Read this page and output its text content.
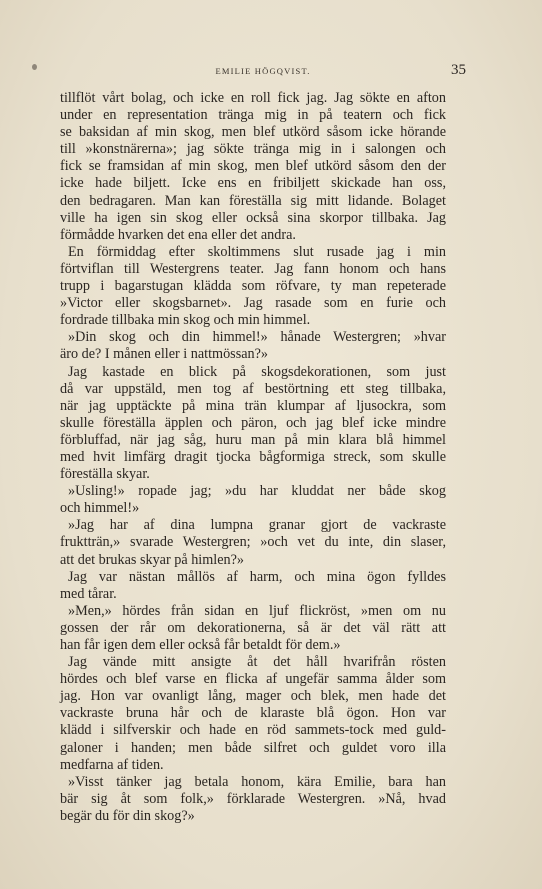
EMILIE HÖGQVIST.	35
tillflöt vårt bolag, och icke en roll fick jag. Jag sökte en afton
under en representation tränga mig in på teatern och fick
se baksidan af min skog, men blef utkörd såsom icke hörande
till »konstnärerna»; jag sökte tränga mig in i salongen och
fick se framsidan af min skog, men blef utkörd såsom den der
icke hade biljett. Icke ens en fribiljett skickade han oss,
den bedragaren. Man kan föreställa sig mitt lidande. Bolaget
ville ha igen sin skog eller också sina skorpor tillbaka. Jag
förmådde hvarken det ena eller det andra.
En förmiddag efter skoltimmens slut rusade jag i min
förtviflan till Westergrens teater. Jag fann honom och hans
trupp i bagarstugan klädda som röfvare, ty man repeterade
»Victor eller skogsbarnet». Jag rasade som en furie och
fordrade tillbaka min skog och min himmel.
»Din skog och din himmel!» hånade Westergren; »hvar
äro de? I månen eller i nattmössan?»
Jag kastade en blick på skogsdekorationen, som just
då var uppstäld, men tog af bestörtning ett steg tillbaka,
när jag upptäckte på mina trän klumpar af ljusockra, som
skulle föreställa äpplen och päron, och jag blef icke mindre
förbluffad, när jag såg, huru man på min klara blå himmel
med hvit limfärg dragit tjocka bågformiga streck, som skulle
föreställa skyar.
»Usling!» ropade jag; »du har kluddat ner både skog
och himmel!»
»Jag har af dina lumpna granar gjort de vackraste
fruktträn,» svarade Westergren; »och vet du inte, din slaser,
att det brukas skyar på himlen?»
Jag var nästan mållös af harm, och mina ögon fylldes
med tårar.
»Men,» hördes från sidan en ljuf flickröst, »men om nu
gossen der rår om dekorationerna, så är det väl rätt att
han får igen dem eller också får betaldt för dem.»
Jag vände mitt ansigte åt det håll hvarifrån rösten
hördes och blef varse en flicka af ungefär samma ålder som
jag. Hon var ovanligt lång, mager och blek, men hade det
vackraste bruna hår och de klaraste blå ögon. Hon var
klädd i silfverskir och hade en röd sammets-tock med guld-
galoner i handen; men både silfret och guldet voro illa
medfarna af tiden.
»Visst tänker jag betala honom, kära Emilie, bara han
bär sig åt som folk,» förklarade Westergren. »Nå, hvad
begär du för din skog?»
